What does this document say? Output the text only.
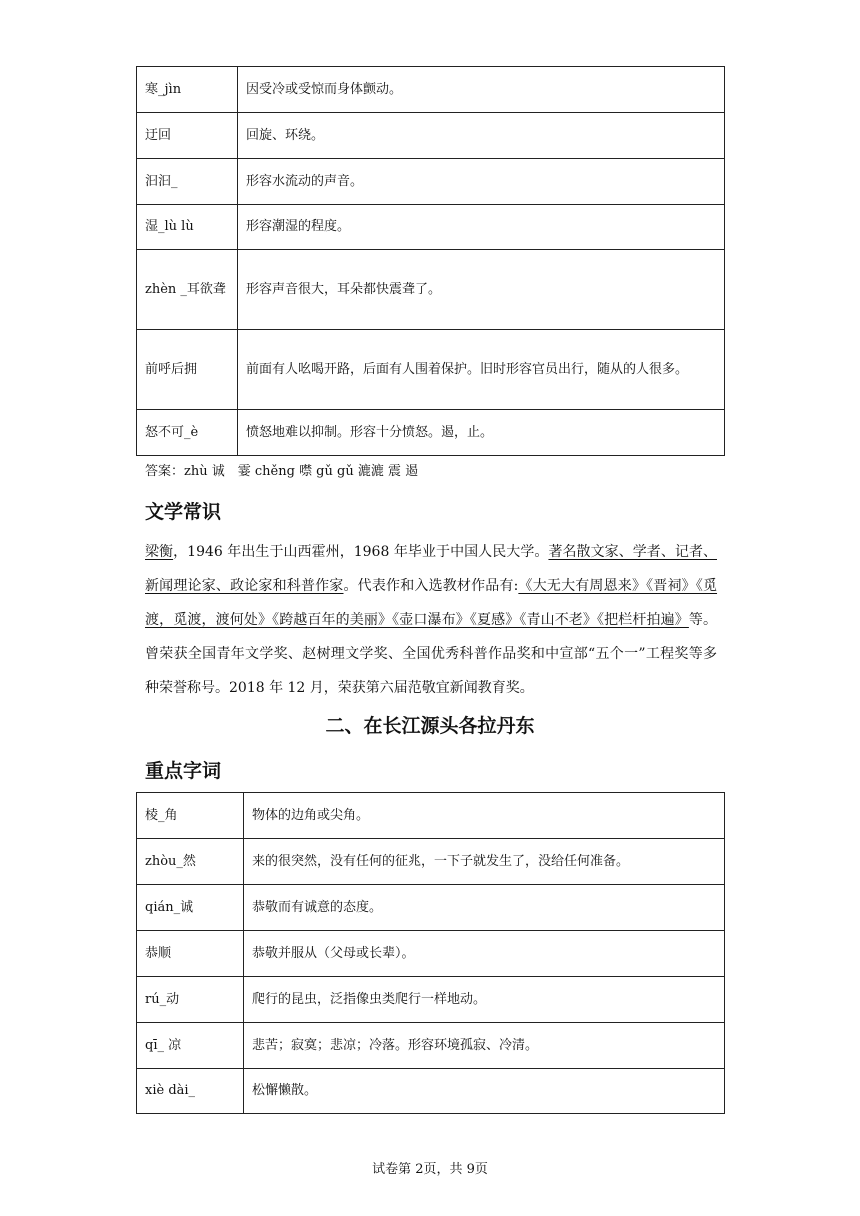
寒_jìn	因受冷或受惊而身体颤动。
迂回	回旋、环绕。
汩汩_	形容水流动的声音。
湿_lù lù	形容潮湿的程度。
zhèn _耳欲聋	形容声音很大，耳朵都快震聋了。
前呼后拥	前面有人吆喝开路，后面有人围着保护。旧时形容官员出行，随从的人很多。
怒不可_è	愤怒地难以抑制。形容十分愤怒。遏，止。
答案：zhù 诚　霎 chěng 噤 gǔ gǔ 漉漉 震 遏
文学常识
梁衡，1946 年出生于山西霍州，1968 年毕业于中国人民大学。著名散文家、学者、记者、新闻理论家、政论家和科普作家。代表作和入选教材作品有:《大无大有周恩来》《晋祠》《觅渡，觅渡，渡何处》《跨越百年的美丽》《壶口瀑布》《夏感》《青山不老》《把栏杆拍遍》等。曾荣获全国青年文学奖、赵树理文学奖、全国优秀科普作品奖和中宣部“五个一”工程奖等多种荣誉称号。2018 年 12 月，荣获第六届范敬宜新闻教育奖。
二、在长江源头各拉丹东
重点字词
棱_角	物体的边角或尖角。
zhòu_然	来的很突然，没有任何的征兆，一下子就发生了，没给任何准备。
qián_诚	恭敬而有诚意的态度。
恭顺	恭敬并服从（父母或长辈）。
rú_动	爬行的昆虫，泛指像虫类爬行一样地动。
qī_ 凉	悲苦；寂寞；悲凉；冷落。形容环境孤寂、冷清。
xiè dài_	松懈懒散。
试卷第 2页，共 9页
